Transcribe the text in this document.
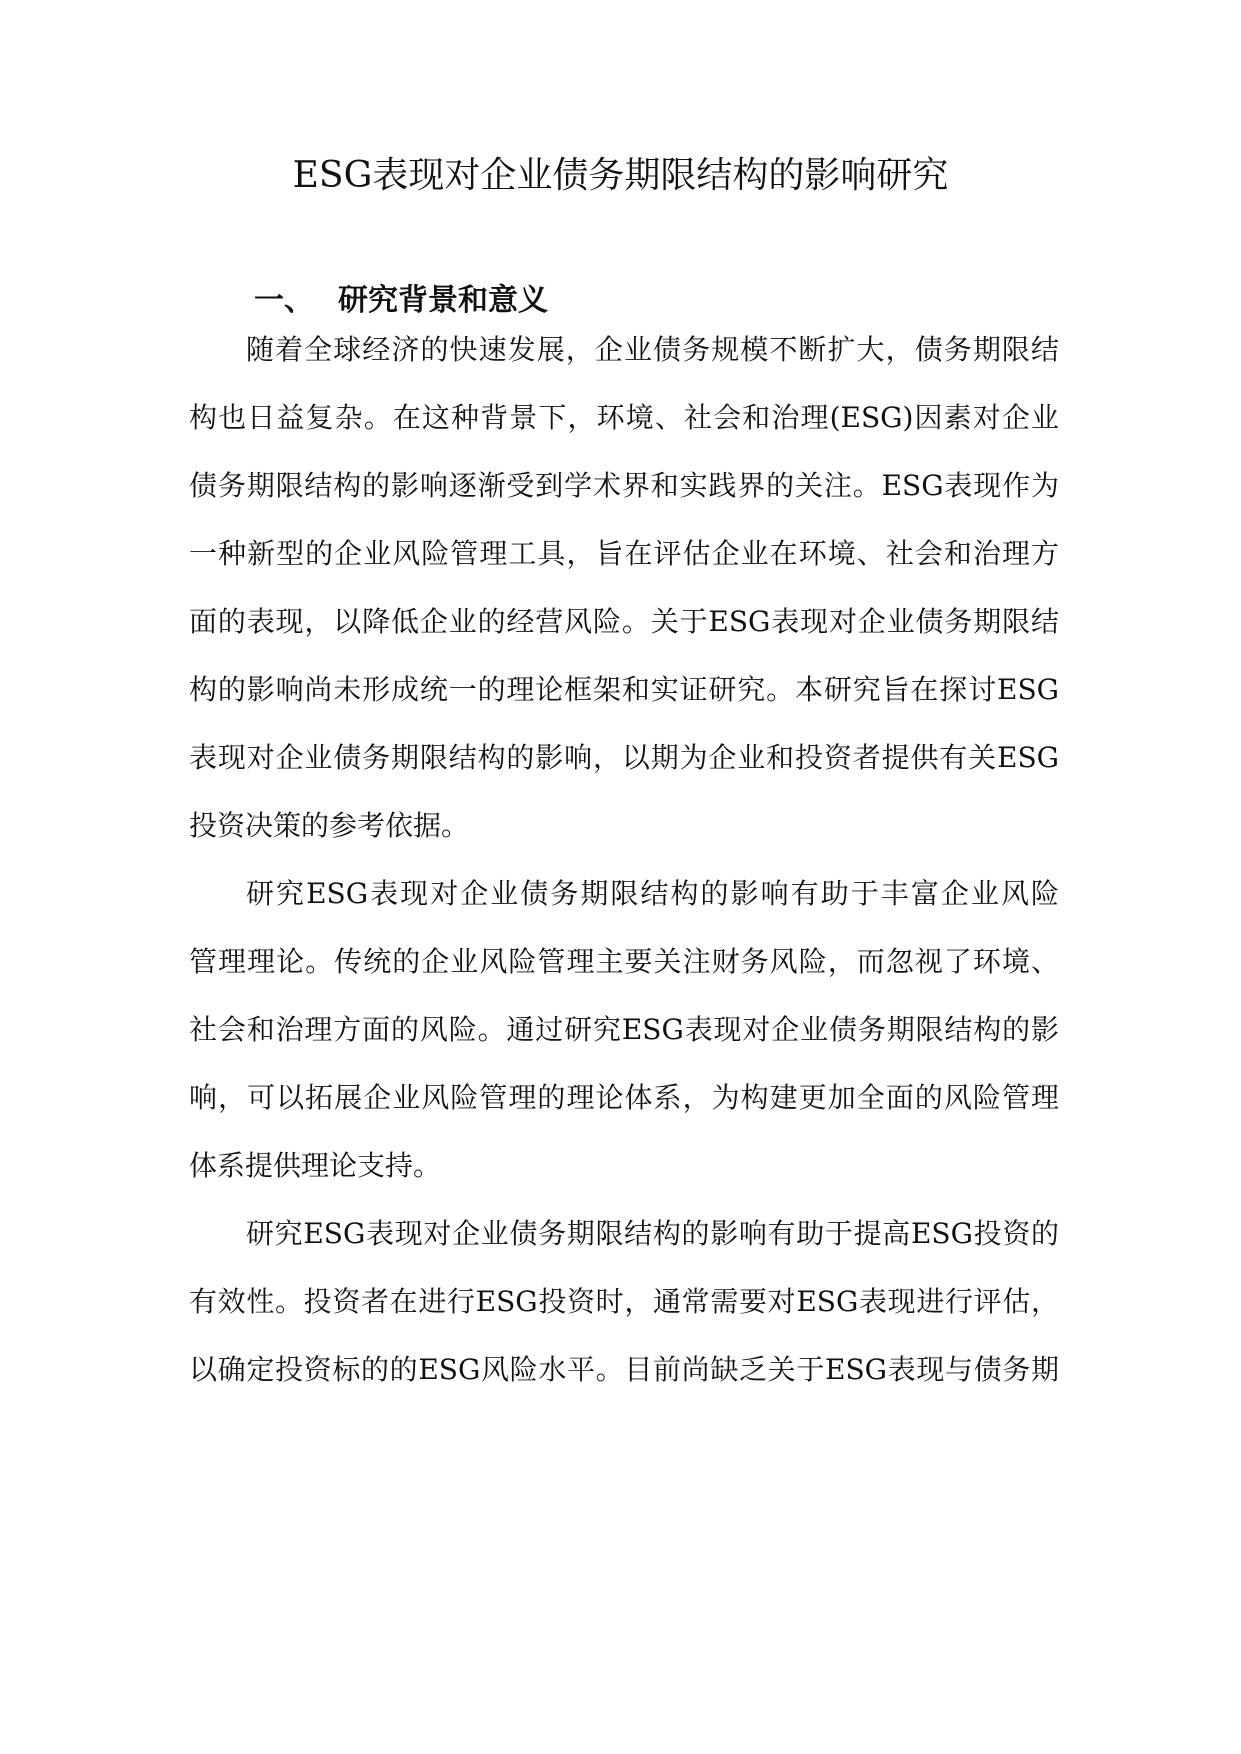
ESG表现对企业债务期限结构的影响研究
一、 研究背景和意义

随着全球经济的快速发展，企业债务规模不断扩大，债务期限结

构也日益复杂。在这种背景下，环境、社会和治理(ESG)因素对企业

债务期限结构的影响逐渐受到学术界和实践界的关注。ESG表现作为

一种新型的企业风险管理工具，旨在评估企业在环境、社会和治理方

面的表现，以降低企业的经营风险。关于ESG表现对企业债务期限结

构的影响尚未形成统一的理论框架和实证研究。本研究旨在探讨ESG

表现对企业债务期限结构的影响，以期为企业和投资者提供有关ESG

投资决策的参考依据。

研究ESG表现对企业债务期限结构的影响有助于丰富企业风险

管理理论。传统的企业风险管理主要关注财务风险，而忽视了环境、

社会和治理方面的风险。通过研究ESG表现对企业债务期限结构的影

响，可以拓展企业风险管理的理论体系，为构建更加全面的风险管理

体系提供理论支持。

研究ESG表现对企业债务期限结构的影响有助于提高ESG投资的

有效性。投资者在进行ESG投资时，通常需要对ESG表现进行评估，

以确定投资标的的ESG风险水平。目前尚缺乏关于ESG表现与债务期
